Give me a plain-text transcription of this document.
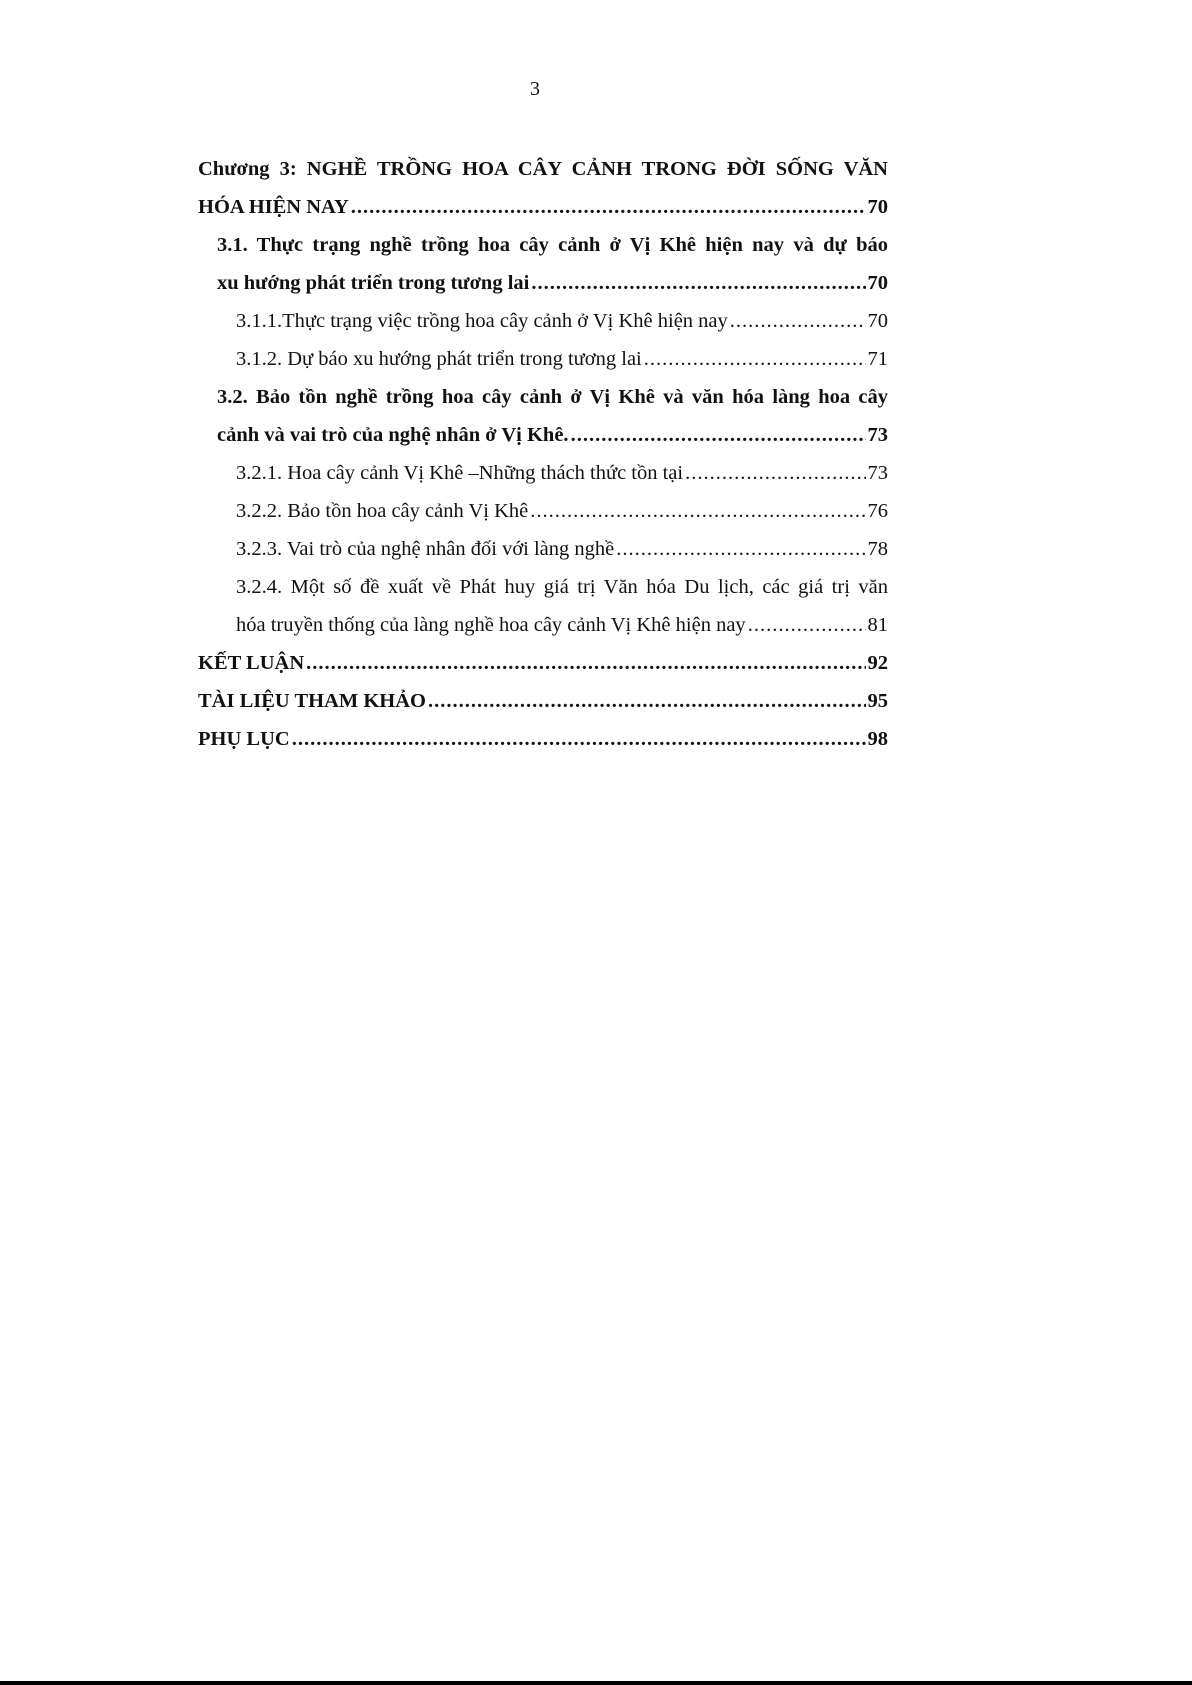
3
Chương 3: NGHỀ TRỒNG HOA CÂY CẢNH TRONG ĐỜI SỐNG VĂN
HÓA HIỆN NAY .....	70
3.1. Thực trạng nghề trồng hoa cây cảnh ở Vị Khê hiện nay và dự báo
xu hướng phát triển trong tương lai .....	70
3.1.1.Thực trạng việc trồng hoa cây cảnh ở Vị Khê hiện nay .....	70
3.1.2. Dự báo xu hướng phát triển trong tương lai .....	71
3.2. Bảo tồn nghề trồng hoa cây cảnh ở Vị Khê và văn hóa làng hoa cây
cảnh và vai trò của nghệ nhân ở Vị Khê. .....	73
3.2.1. Hoa cây cảnh Vị Khê –Những thách thức tồn tại .....	73
3.2.2. Bảo tồn hoa cây cảnh Vị Khê .....	76
3.2.3. Vai trò của nghệ nhân đối với làng nghề .....	78
3.2.4. Một số đề xuất về Phát huy giá trị Văn hóa Du lịch, các giá trị văn
hóa truyền thống của làng nghề hoa cây cảnh Vị Khê hiện nay .....	81
KẾT LUẬN .....	92
TÀI LIỆU THAM KHẢO .....	95
PHỤ LỤC .....	98
